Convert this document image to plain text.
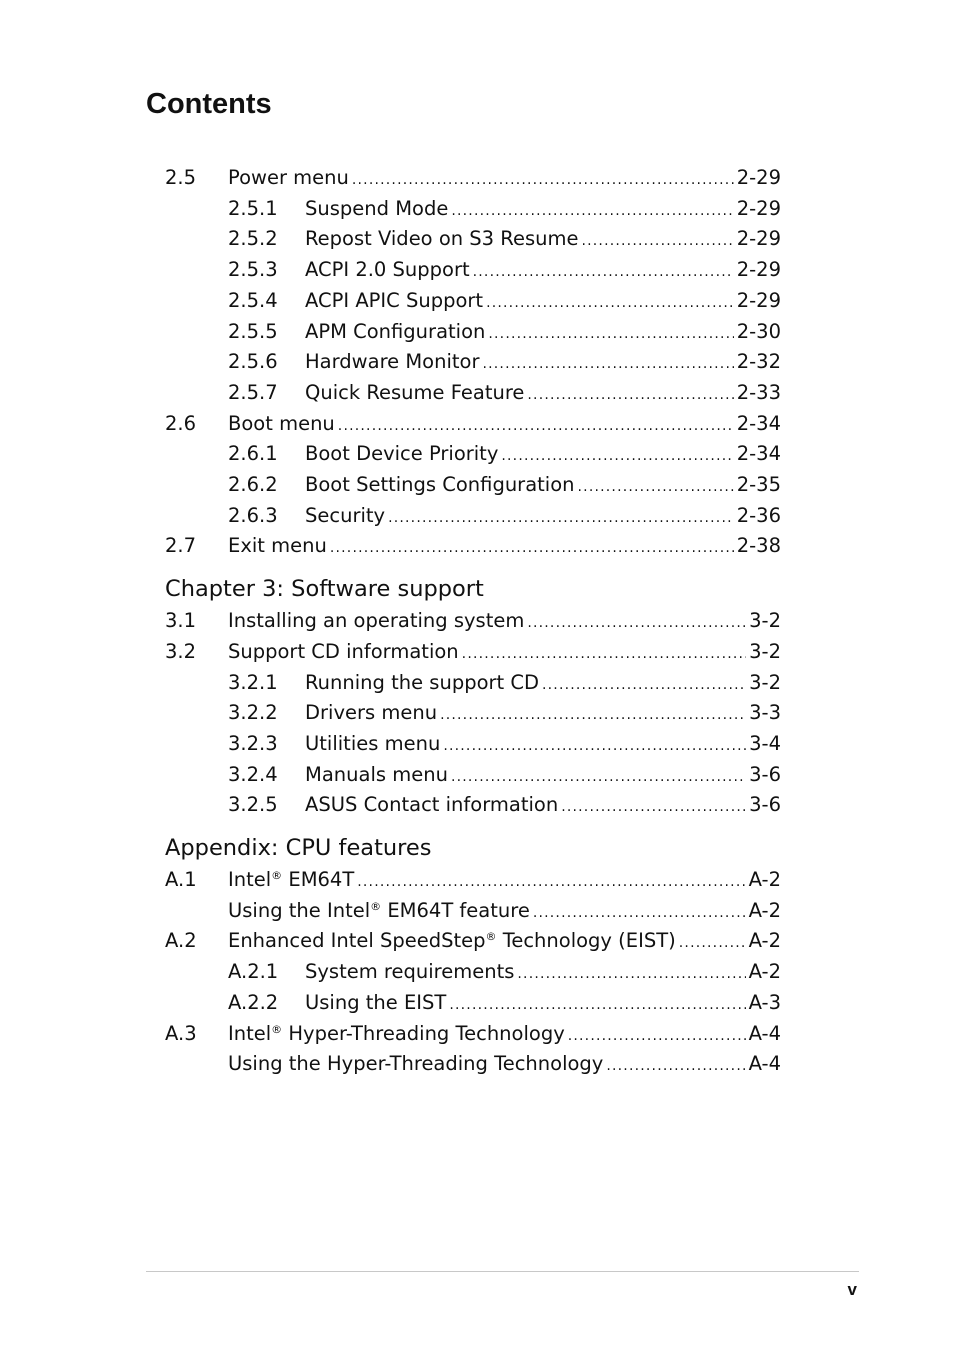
Contents
2.5 Power menu .....	2-29
2.5.1 Suspend Mode .....	2-29
2.5.2 Repost Video on S3 Resume .....	2-29
2.5.3 ACPI 2.0 Support .....	2-29
2.5.4 ACPI APIC Support .....	2-29
2.5.5 APM Configuration .....	2-30
2.5.6 Hardware Monitor .....	2-32
2.5.7 Quick Resume Feature .....	2-33
2.6 Boot menu .....	2-34
2.6.1 Boot Device Priority .....	2-34
2.6.2 Boot Settings Configuration .....	2-35
2.6.3 Security .....	2-36
2.7 Exit menu .....	2-38
Chapter 3: Software support
3.1 Installing an operating system .....	3-2
3.2 Support CD information .....	3-2
3.2.1 Running the support CD .....	3-2
3.2.2 Drivers menu .....	3-3
3.2.3 Utilities menu .....	3-4
3.2.4 Manuals menu .....	3-6
3.2.5 ASUS Contact information .....	3-6
Appendix: CPU features
A.1 Intel® EM64T .....	A-2
Using the Intel® EM64T feature .....	A-2
A.2 Enhanced Intel SpeedStep® Technology (EIST) .....	A-2
A.2.1 System requirements .....	A-2
A.2.2 Using the EIST .....	A-3
A.3 Intel® Hyper-Threading Technology .....	A-4
Using the Hyper-Threading Technology .....	A-4
v
